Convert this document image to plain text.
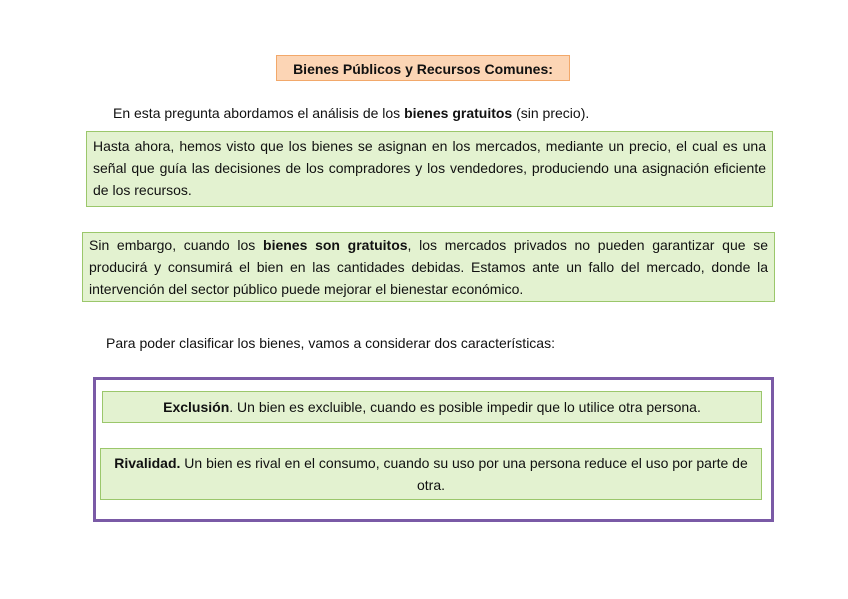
Bienes Públicos y Recursos Comunes:
En esta pregunta abordamos el análisis de los bienes gratuitos (sin precio).
Hasta ahora, hemos visto que los bienes se asignan en los mercados, mediante un precio, el cual es una señal que guía las decisiones de los compradores y los vendedores, produciendo una asignación eficiente de los recursos.
Sin embargo, cuando los bienes son gratuitos, los mercados privados no pueden garantizar que se producirá y consumirá el bien en las cantidades debidas. Estamos ante un fallo del mercado, donde la intervención del sector público puede mejorar el bienestar económico.
Para poder clasificar los bienes, vamos a considerar dos características:
Exclusión. Un bien es excluible, cuando es posible impedir que lo utilice otra persona.
Rivalidad. Un bien es rival en el consumo, cuando su uso por una persona reduce el uso por parte de otra.
